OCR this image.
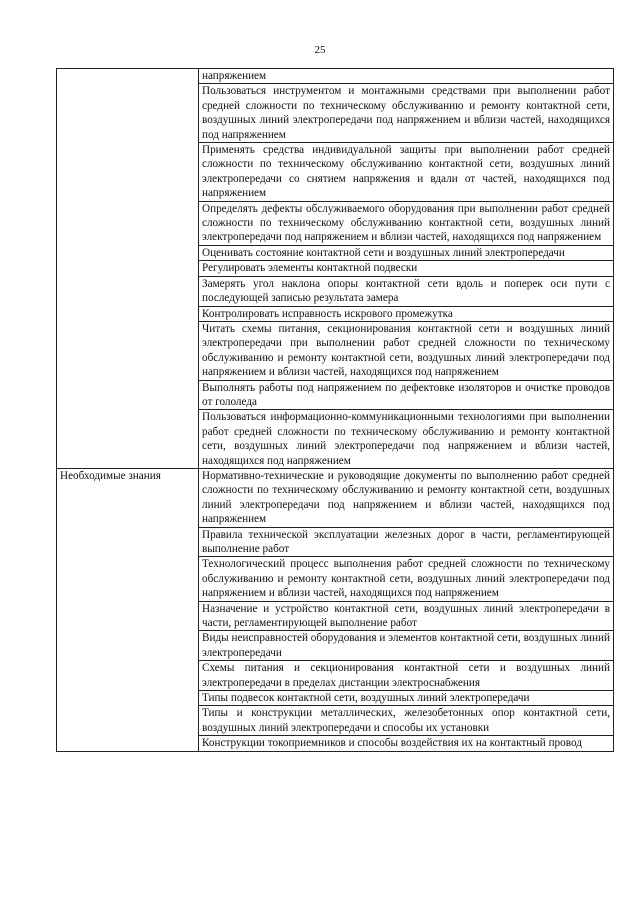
25
	напряжением
	Пользоваться инструментом и монтажными средствами при выполнении работ средней сложности по техническому обслуживанию и ремонту контактной сети, воздушных линий электропередачи под напряжением и вблизи частей, находящихся под напряжением
	Применять средства индивидуальной защиты при выполнении работ средней сложности по техническому обслуживанию контактной сети, воздушных линий электропередачи со снятием напряжения и вдали от частей, находящихся под напряжением
	Определять дефекты обслуживаемого оборудования при выполнении работ средней сложности по техническому обслуживанию контактной сети, воздушных линий электропередачи под напряжением и вблизи частей, находящихся под напряжением
	Оценивать состояние контактной сети и воздушных линий электропередачи
	Регулировать элементы контактной подвески
	Замерять угол наклона опоры контактной сети вдоль и поперек оси пути с последующей записью результата замера
	Контролировать исправность искрового промежутка
	Читать схемы питания, секционирования контактной сети и воздушных линий электропередачи при выполнении работ средней сложности по техническому обслуживанию и ремонту контактной сети, воздушных линий электропередачи под напряжением и вблизи частей, находящихся под напряжением
	Выполнять работы под напряжением по дефектовке изоляторов и очистке проводов от гололеда
	Пользоваться информационно-коммуникационными технологиями при выполнении работ средней сложности по техническому обслуживанию и ремонту контактной сети, воздушных линий электропередачи под напряжением и вблизи частей, находящихся под напряжением
Необходимые знания	Нормативно-технические и руководящие документы по выполнению работ средней сложности по техническому обслуживанию и ремонту контактной сети, воздушных линий электропередачи под напряжением и вблизи частей, находящихся под напряжением
	Правила технической эксплуатации железных дорог в части, регламентирующей выполнение работ
	Технологический процесс выполнения работ средней сложности по техническому обслуживанию и ремонту контактной сети, воздушных линий электропередачи под напряжением и вблизи частей, находящихся под напряжением
	Назначение и устройство контактной сети, воздушных линий электропередачи в части, регламентирующей выполнение работ
	Виды неисправностей оборудования и элементов контактной сети, воздушных линий электропередачи
	Схемы питания и секционирования контактной сети и воздушных линий электропередачи в пределах дистанции электроснабжения
	Типы подвесок контактной сети, воздушных линий электропередачи
	Типы и конструкции металлических, железобетонных опор контактной сети, воздушных линий электропередачи и способы их установки
	Конструкции токоприемников и способы воздействия их на контактный провод
